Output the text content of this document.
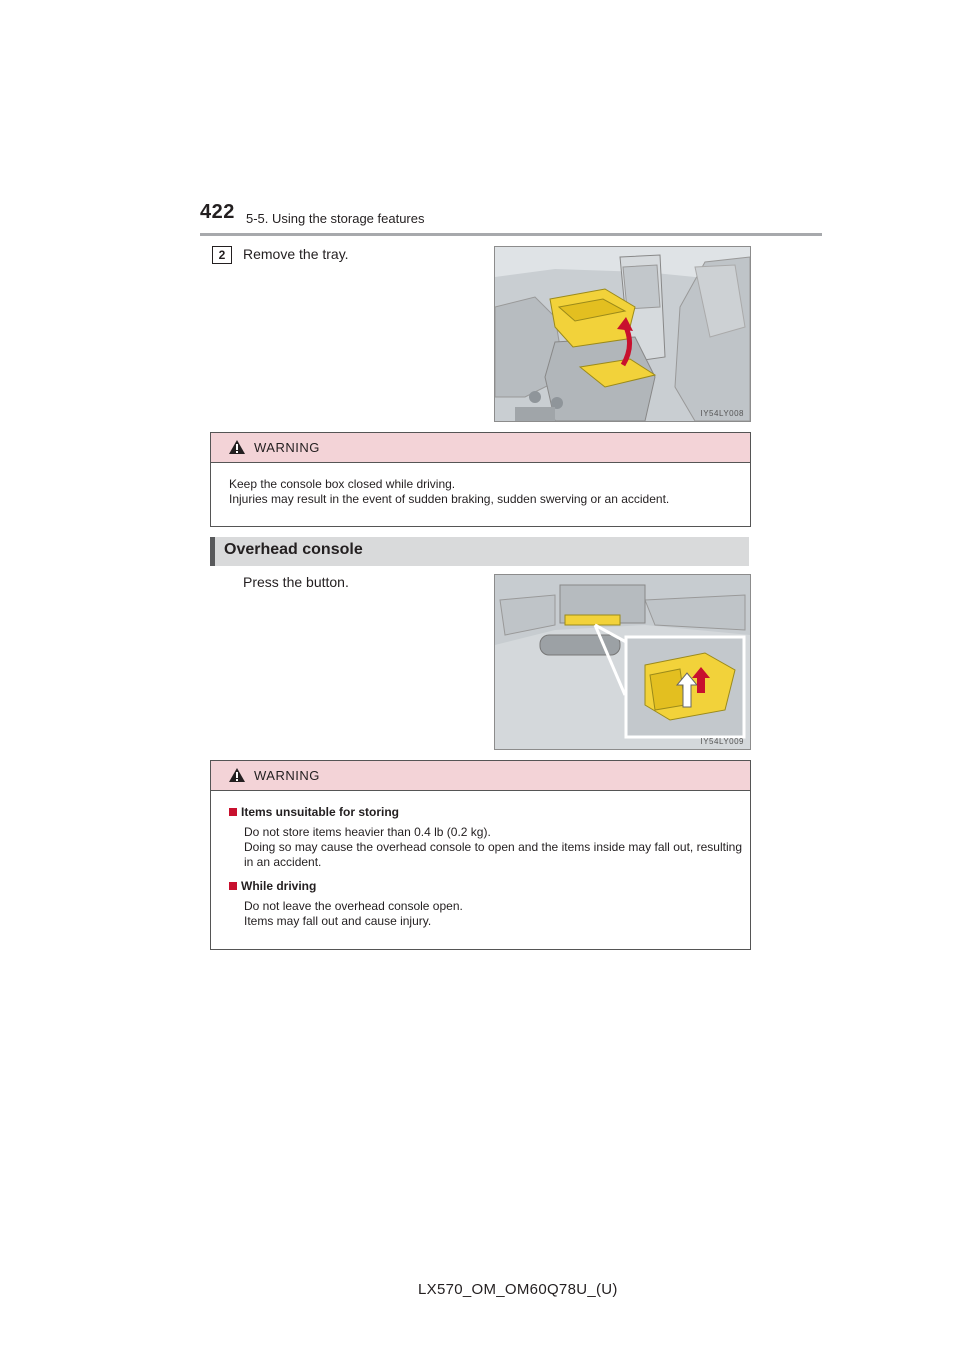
422 5-5. Using the storage features
2	Remove the tray.
IY54LY008
WARNING

Keep the console box closed while driving.

Injuries may result in the event of sudden braking, sudden swerving or an accident.

Overhead console
Press the button.
IY54LY009
WARNING

Items unsuitable for storing

Do not store items heavier than 0.4 lb (0.2 kg).

Doing so may cause the overhead console to open and the items inside may fall out, resulting in an accident.

While driving

Do not leave the overhead console open.

Items may fall out and cause injury.

LX570_OM_OM60Q78U_(U)
